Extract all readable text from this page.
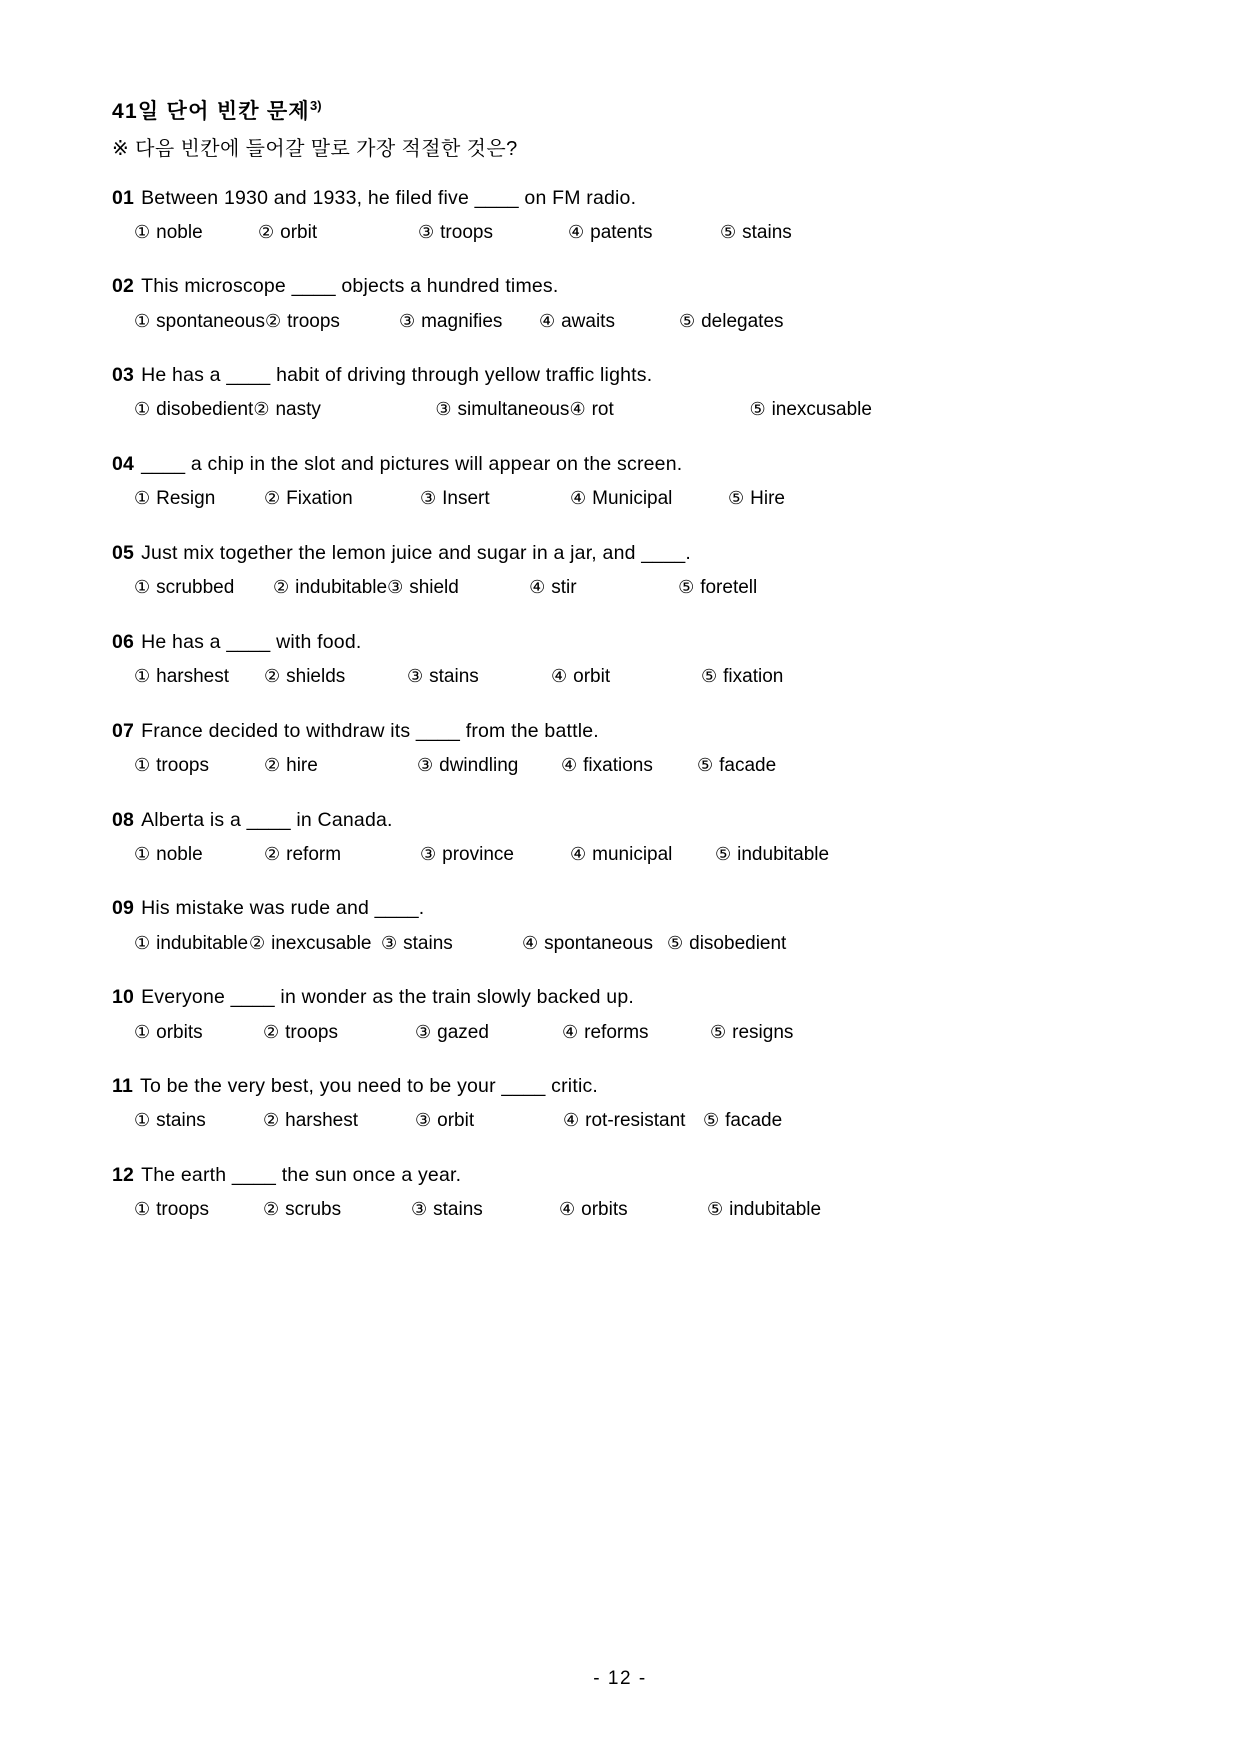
41일 단어 빈칸 문제$^{3)}$

※ 다음 빈칸에 들어갈 말로 가장 적절한 것은?

01 Between 1930 and 1933, he filed five ____ on FM radio.

① noble	② orbit	③ troops	④ patents	⑤ stains

02 This microscope ____ objects a hundred times.

① spontaneous ② troops	③ magnifies	④ awaits	⑤ delegates

03 He has a ____ habit of driving through yellow traffic lights.

① disobedient ② nasty	③ simultaneous ④ rot	⑤ inexcusable

04 ____ a chip in the slot and pictures will appear on the screen.

① Resign	② Fixation	③ Insert	④ Municipal	⑤ Hire

05 Just mix together the lemon juice and sugar in a jar, and ____.

① scrubbed	② indubitable ③ shield	④ stir	⑤ foretell

06 He has a ____ with food.

① harshest	② shields	③ stains	④ orbit	⑤ fixation

07 France decided to withdraw its ____ from the battle.

① troops	② hire	③ dwindling	④ fixations	⑤ facade

08 Alberta is a ____ in Canada.

① noble	② reform	③ province	④ municipal	⑤ indubitable

09 His mistake was rude and ____.

① indubitable ② inexcusable ③ stains	④ spontaneous ⑤ disobedient

10 Everyone ____ in wonder as the train slowly backed up.

① orbits	② troops	③ gazed	④ reforms	⑤ resigns

11 To be the very best, you need to be your ____ critic.

① stains	② harshest	③ orbit	④ rot-resistant ⑤ facade

12 The earth ____ the sun once a year.

① troops	② scrubs	③ stains	④ orbits	⑤ indubitable
- 12 -
